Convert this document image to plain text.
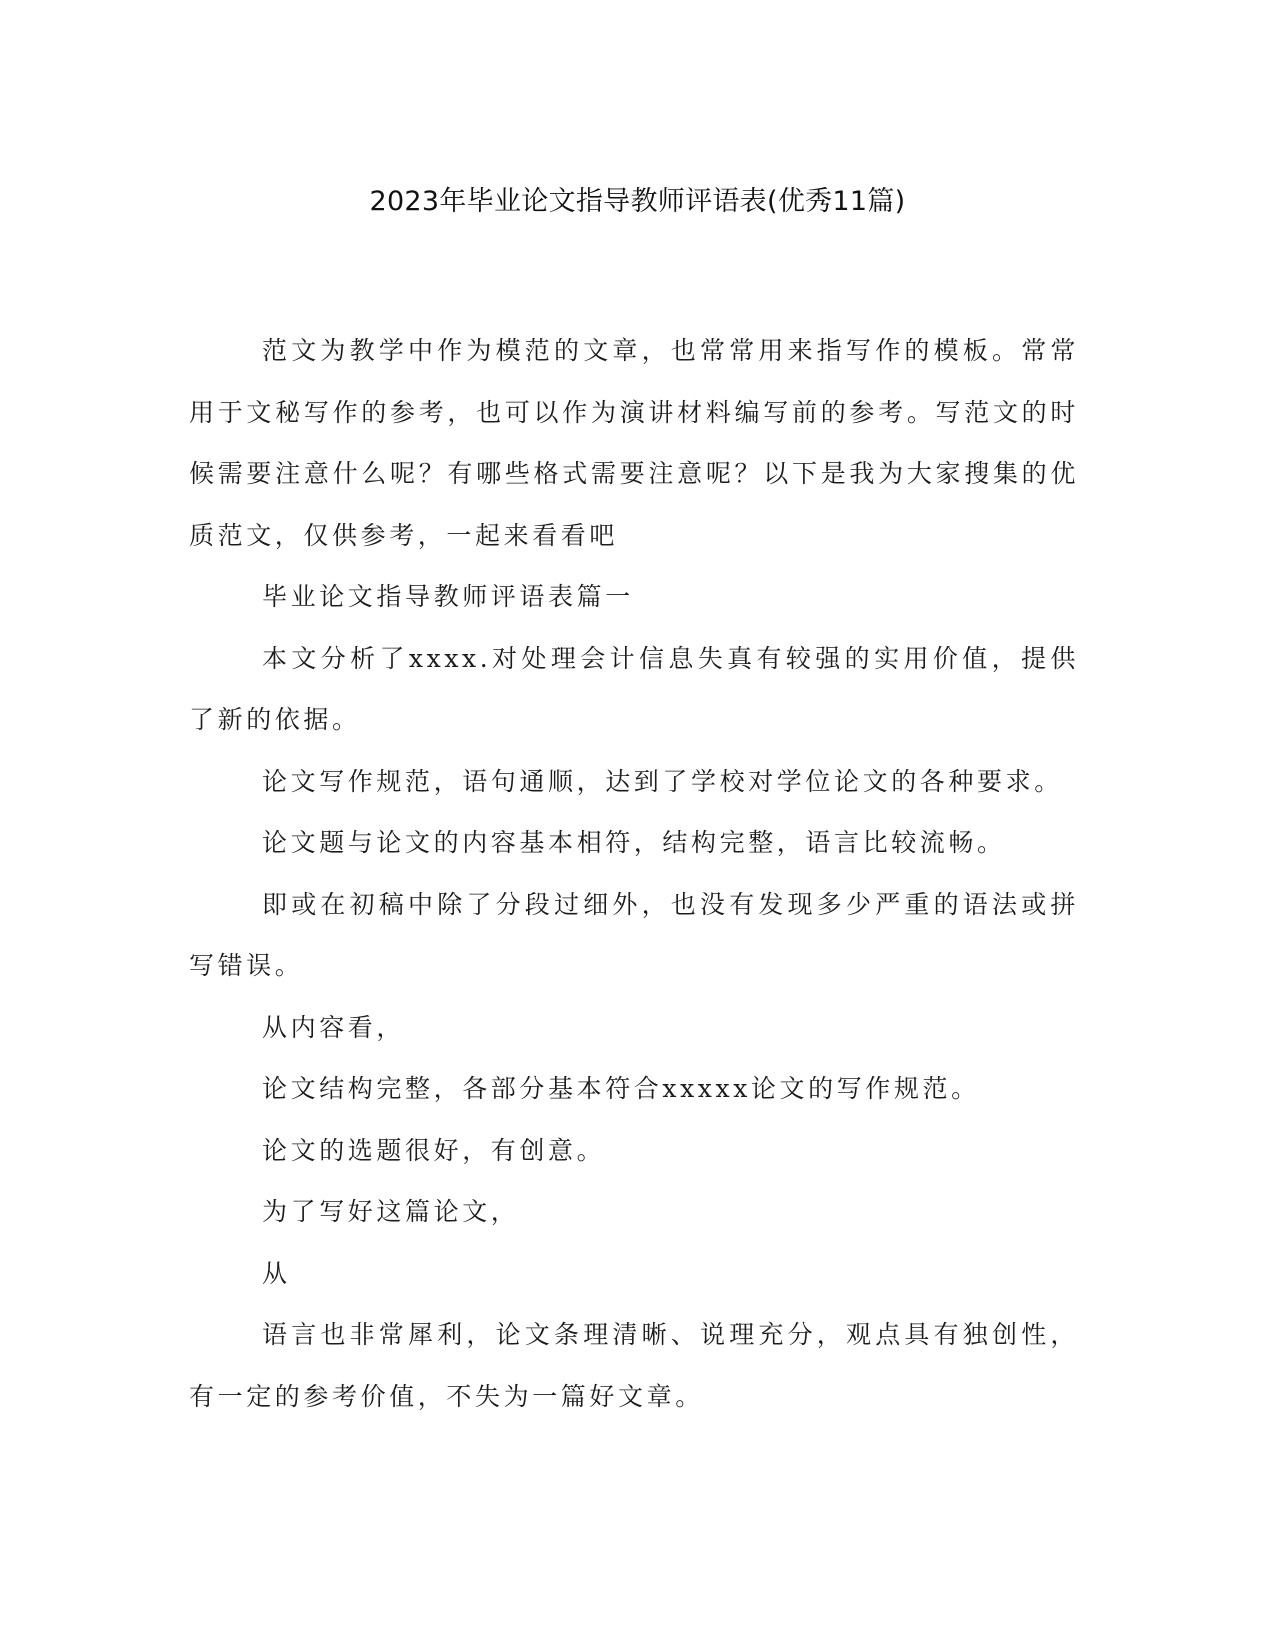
2023年毕业论文指导教师评语表(优秀11篇)

范文为教学中作为模范的文章，也常常用来指写作的模板。常常用于文秘写作的参考，也可以作为演讲材料编写前的参考。写范文的时候需要注意什么呢？有哪些格式需要注意呢？以下是我为大家搜集的优质范文，仅供参考，一起来看看吧

毕业论文指导教师评语表篇一

本文分析了xxxx.对处理会计信息失真有较强的实用价值，提供了新的依据。

论文写作规范，语句通顺，达到了学校对学位论文的各种要求。

论文题与论文的内容基本相符，结构完整，语言比较流畅。

即或在初稿中除了分段过细外，也没有发现多少严重的语法或拼写错误。

从内容看，

论文结构完整，各部分基本符合xxxxx论文的写作规范。

论文的选题很好，有创意。

为了写好这篇论文，

从

语言也非常犀利，论文条理清晰、说理充分，观点具有独创性，有一定的参考价值，不失为一篇好文章。
